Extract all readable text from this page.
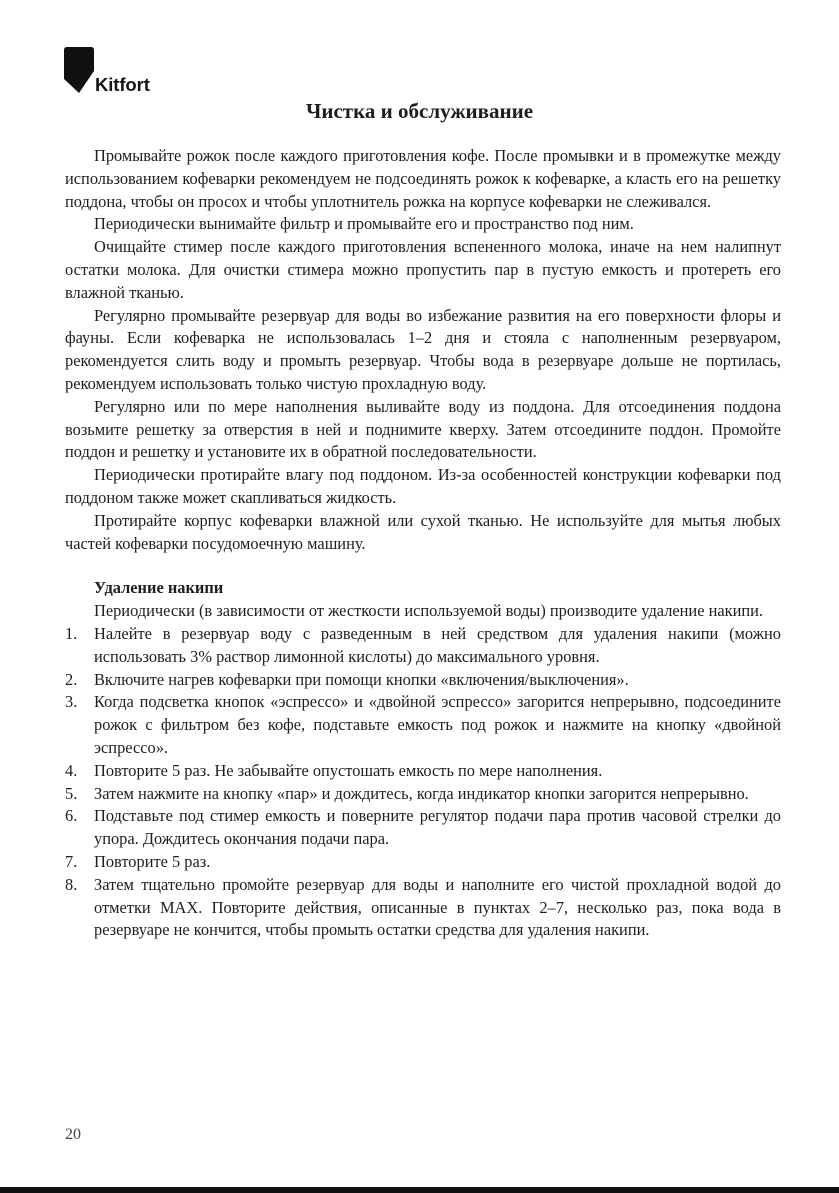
Kitfort
Чистка и обслуживание

Промывайте рожок после каждого приготовления кофе. После промывки и в промежутке между использованием кофеварки рекомендуем не подсоединять рожок к кофеварке, а класть его на решетку поддона, чтобы он просох и чтобы уплотнитель рожка на корпусе кофеварки не слеживался.

Периодически вынимайте фильтр и промывайте его и пространство под ним.

Очищайте стимер после каждого приготовления вспененного молока, иначе на нем налипнут остатки молока. Для очистки стимера можно пропустить пар в пустую емкость и протереть его влажной тканью.

Регулярно промывайте резервуар для воды во избежание развития на его поверхности флоры и фауны. Если кофеварка не использовалась 1–2 дня и стояла с наполненным резервуаром, рекомендуется слить воду и промыть резервуар. Чтобы вода в резервуаре дольше не портилась, рекомендуем использовать только чистую прохладную воду.

Регулярно или по мере наполнения выливайте воду из поддона. Для отсоединения поддона возьмите решетку за отверстия в ней и поднимите кверху. Затем отсоедините поддон. Промойте поддон и решетку и установите их в обратной последовательности.

Периодически протирайте влагу под поддоном. Из-за особенностей конструкции кофеварки под поддоном также может скапливаться жидкость.

Протирайте корпус кофеварки влажной или сухой тканью. Не используйте для мытья любых частей кофеварки посудомоечную машину.

Удаление накипи

Периодически (в зависимости от жесткости используемой воды) производите удаление накипи.

1. Налейте в резервуар воду с разведенным в ней средством для удаления накипи (можно использовать 3% раствор лимонной кислоты) до максимального уровня.
2. Включите нагрев кофеварки при помощи кнопки «включения/выключения».
3. Когда подсветка кнопок «эспрессо» и «двойной эспрессо» загорится непрерывно, подсоедините рожок с фильтром без кофе, подставьте емкость под рожок и нажмите на кнопку «двойной эспрессо».
4. Повторите 5 раз. Не забывайте опустошать емкость по мере наполнения.
5. Затем нажмите на кнопку «пар» и дождитесь, когда индикатор кнопки загорится непрерывно.
6. Подставьте под стимер емкость и поверните регулятор подачи пара против часовой стрелки до упора. Дождитесь окончания подачи пара.
7. Повторите 5 раз.
8. Затем тщательно промойте резервуар для воды и наполните его чистой прохладной водой до отметки MAX. Повторите действия, описанные в пунктах 2–7, несколько раз, пока вода в резервуаре не кончится, чтобы промыть остатки средства для удаления накипи.
20
